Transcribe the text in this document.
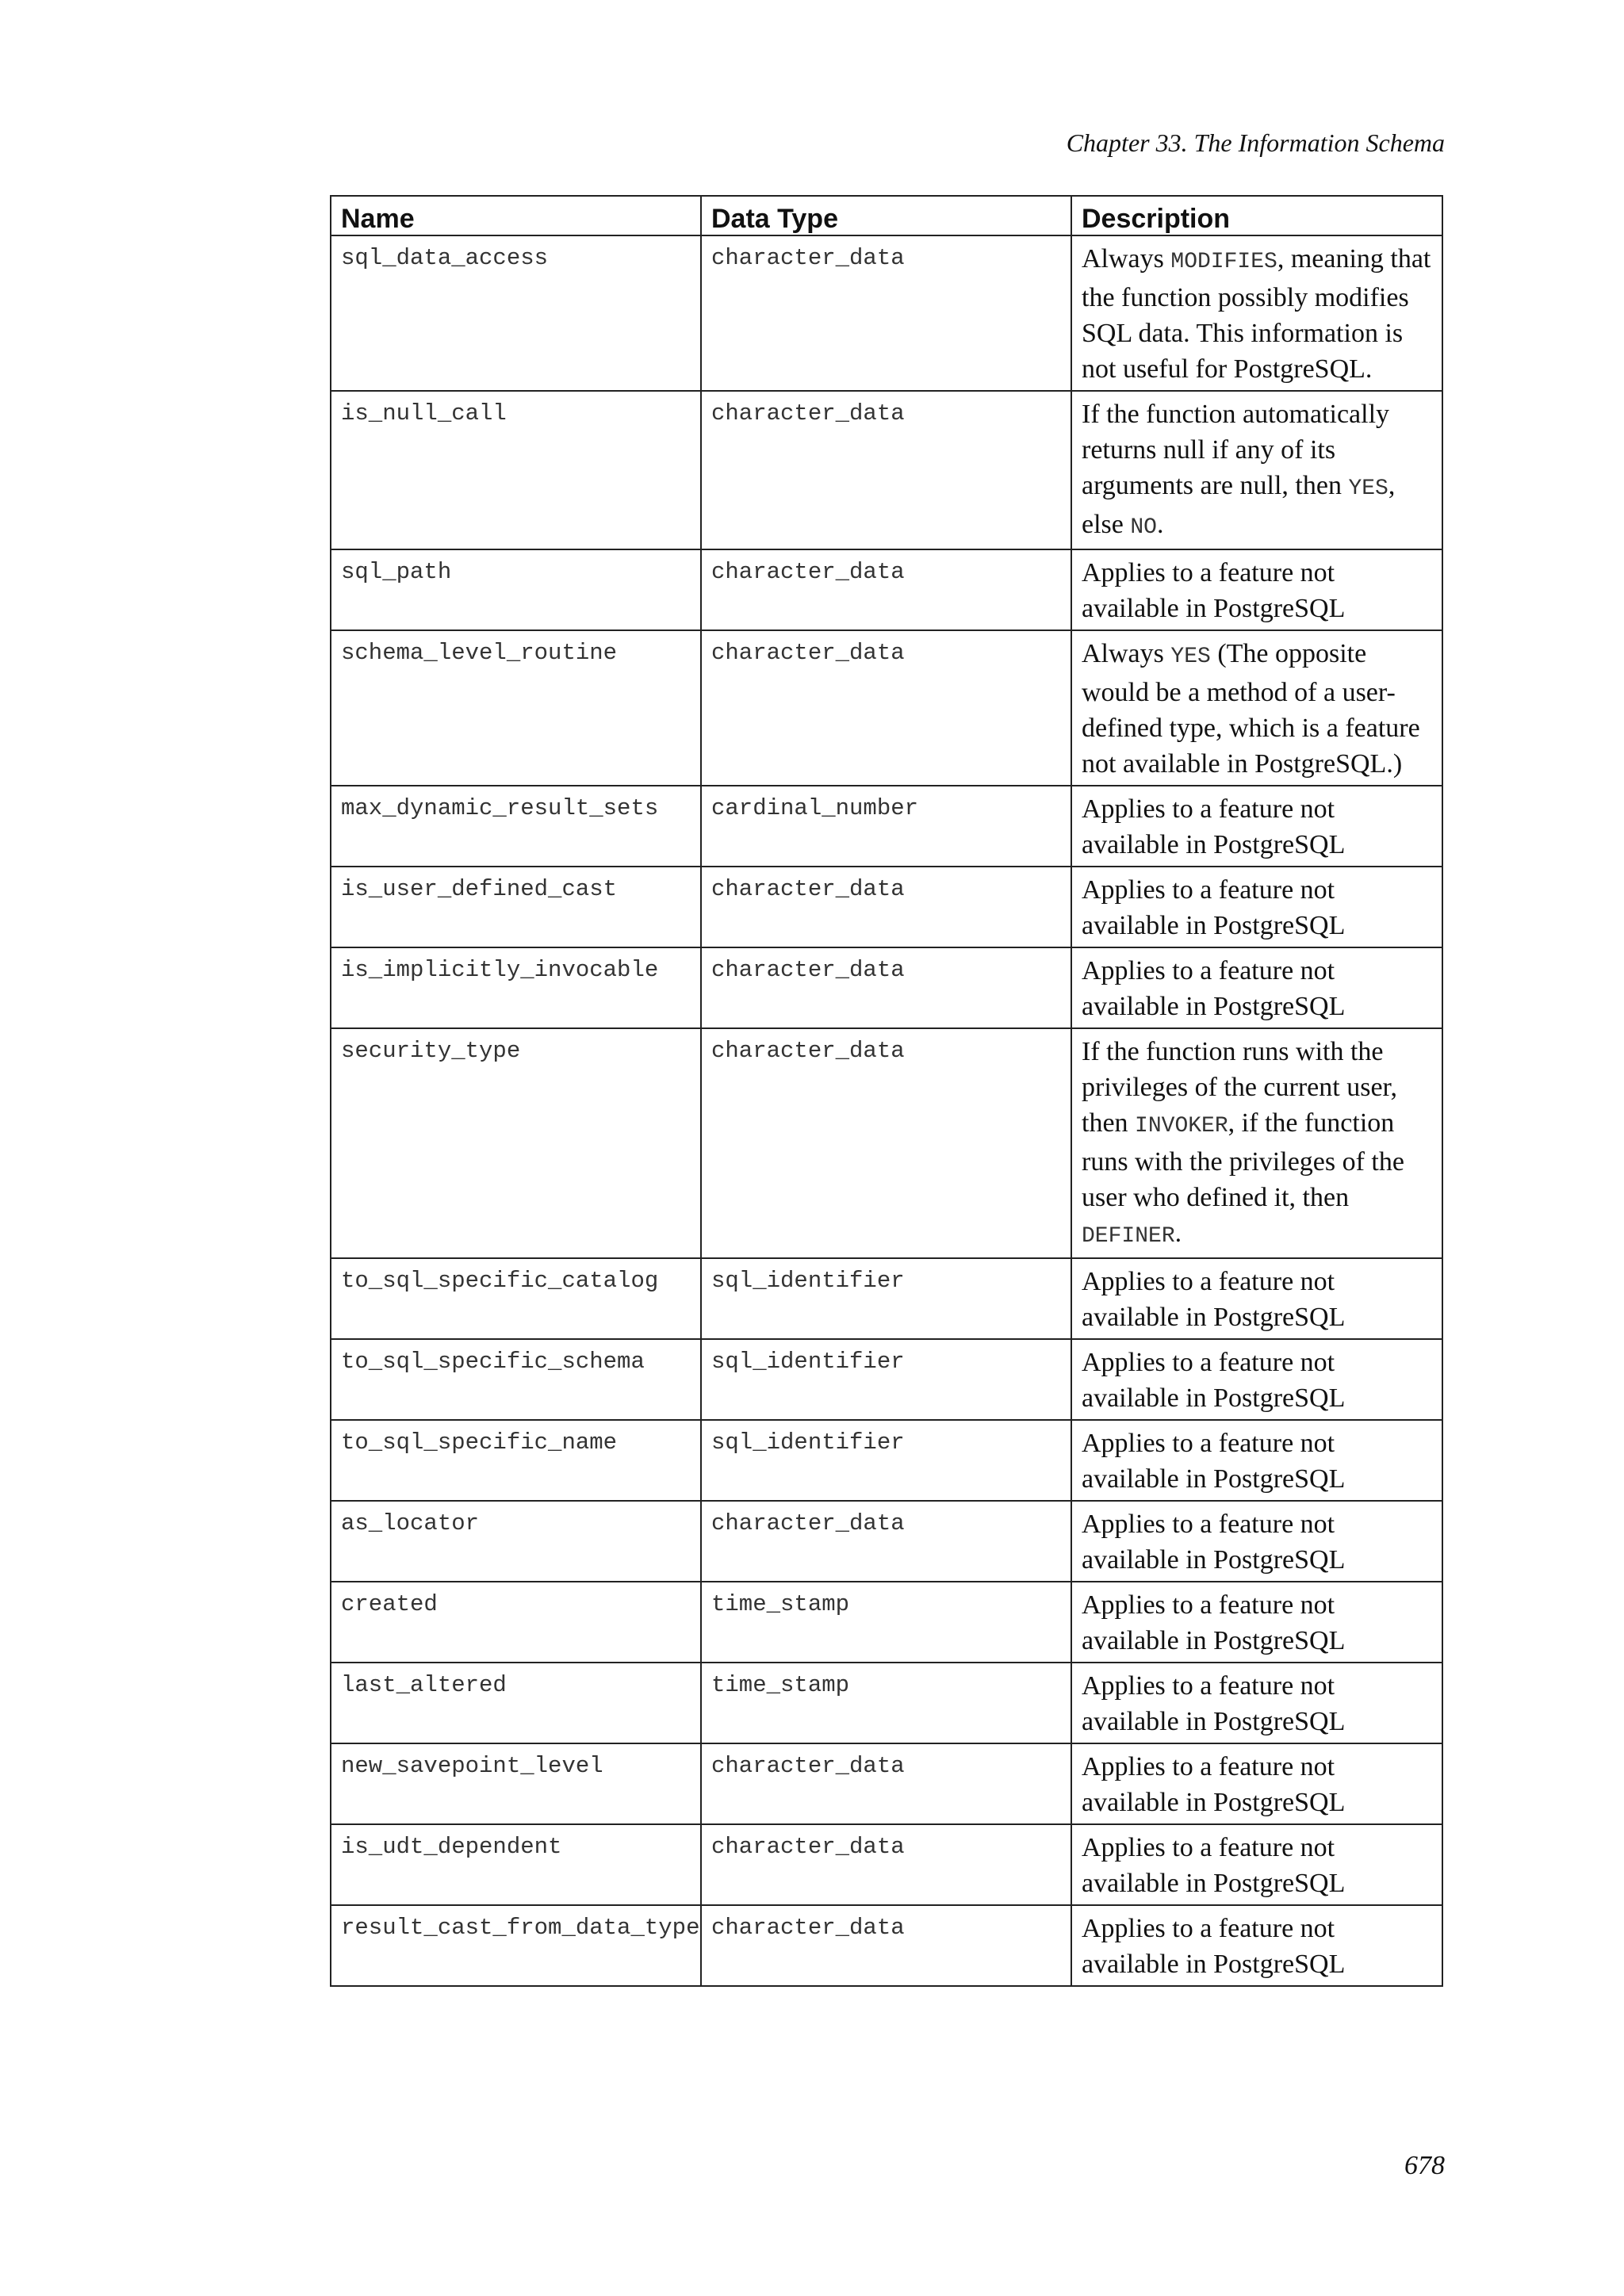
Chapter 33. The Information Schema
Name	Data Type	Description
sql_data_access	character_data	Always MODIFIES, meaning that the function possibly modifies SQL data. This information is not useful for PostgreSQL.
is_null_call	character_data	If the function automatically returns null if any of its arguments are null, then YES, else NO.
sql_path	character_data	Applies to a feature not available in PostgreSQL
schema_level_routine	character_data	Always YES (The opposite would be a method of a user-defined type, which is a feature not available in PostgreSQL.)
max_dynamic_result_sets	cardinal_number	Applies to a feature not available in PostgreSQL
is_user_defined_cast	character_data	Applies to a feature not available in PostgreSQL
is_implicitly_invocable	character_data	Applies to a feature not available in PostgreSQL
security_type	character_data	If the function runs with the privileges of the current user, then INVOKER, if the function runs with the privileges of the user who defined it, then DEFINER.
to_sql_specific_catalog	sql_identifier	Applies to a feature not available in PostgreSQL
to_sql_specific_schema	sql_identifier	Applies to a feature not available in PostgreSQL
to_sql_specific_name	sql_identifier	Applies to a feature not available in PostgreSQL
as_locator	character_data	Applies to a feature not available in PostgreSQL
created	time_stamp	Applies to a feature not available in PostgreSQL
last_altered	time_stamp	Applies to a feature not available in PostgreSQL
new_savepoint_level	character_data	Applies to a feature not available in PostgreSQL
is_udt_dependent	character_data	Applies to a feature not available in PostgreSQL
result_cast_from_data_type	character_data	Applies to a feature not available in PostgreSQL
678
